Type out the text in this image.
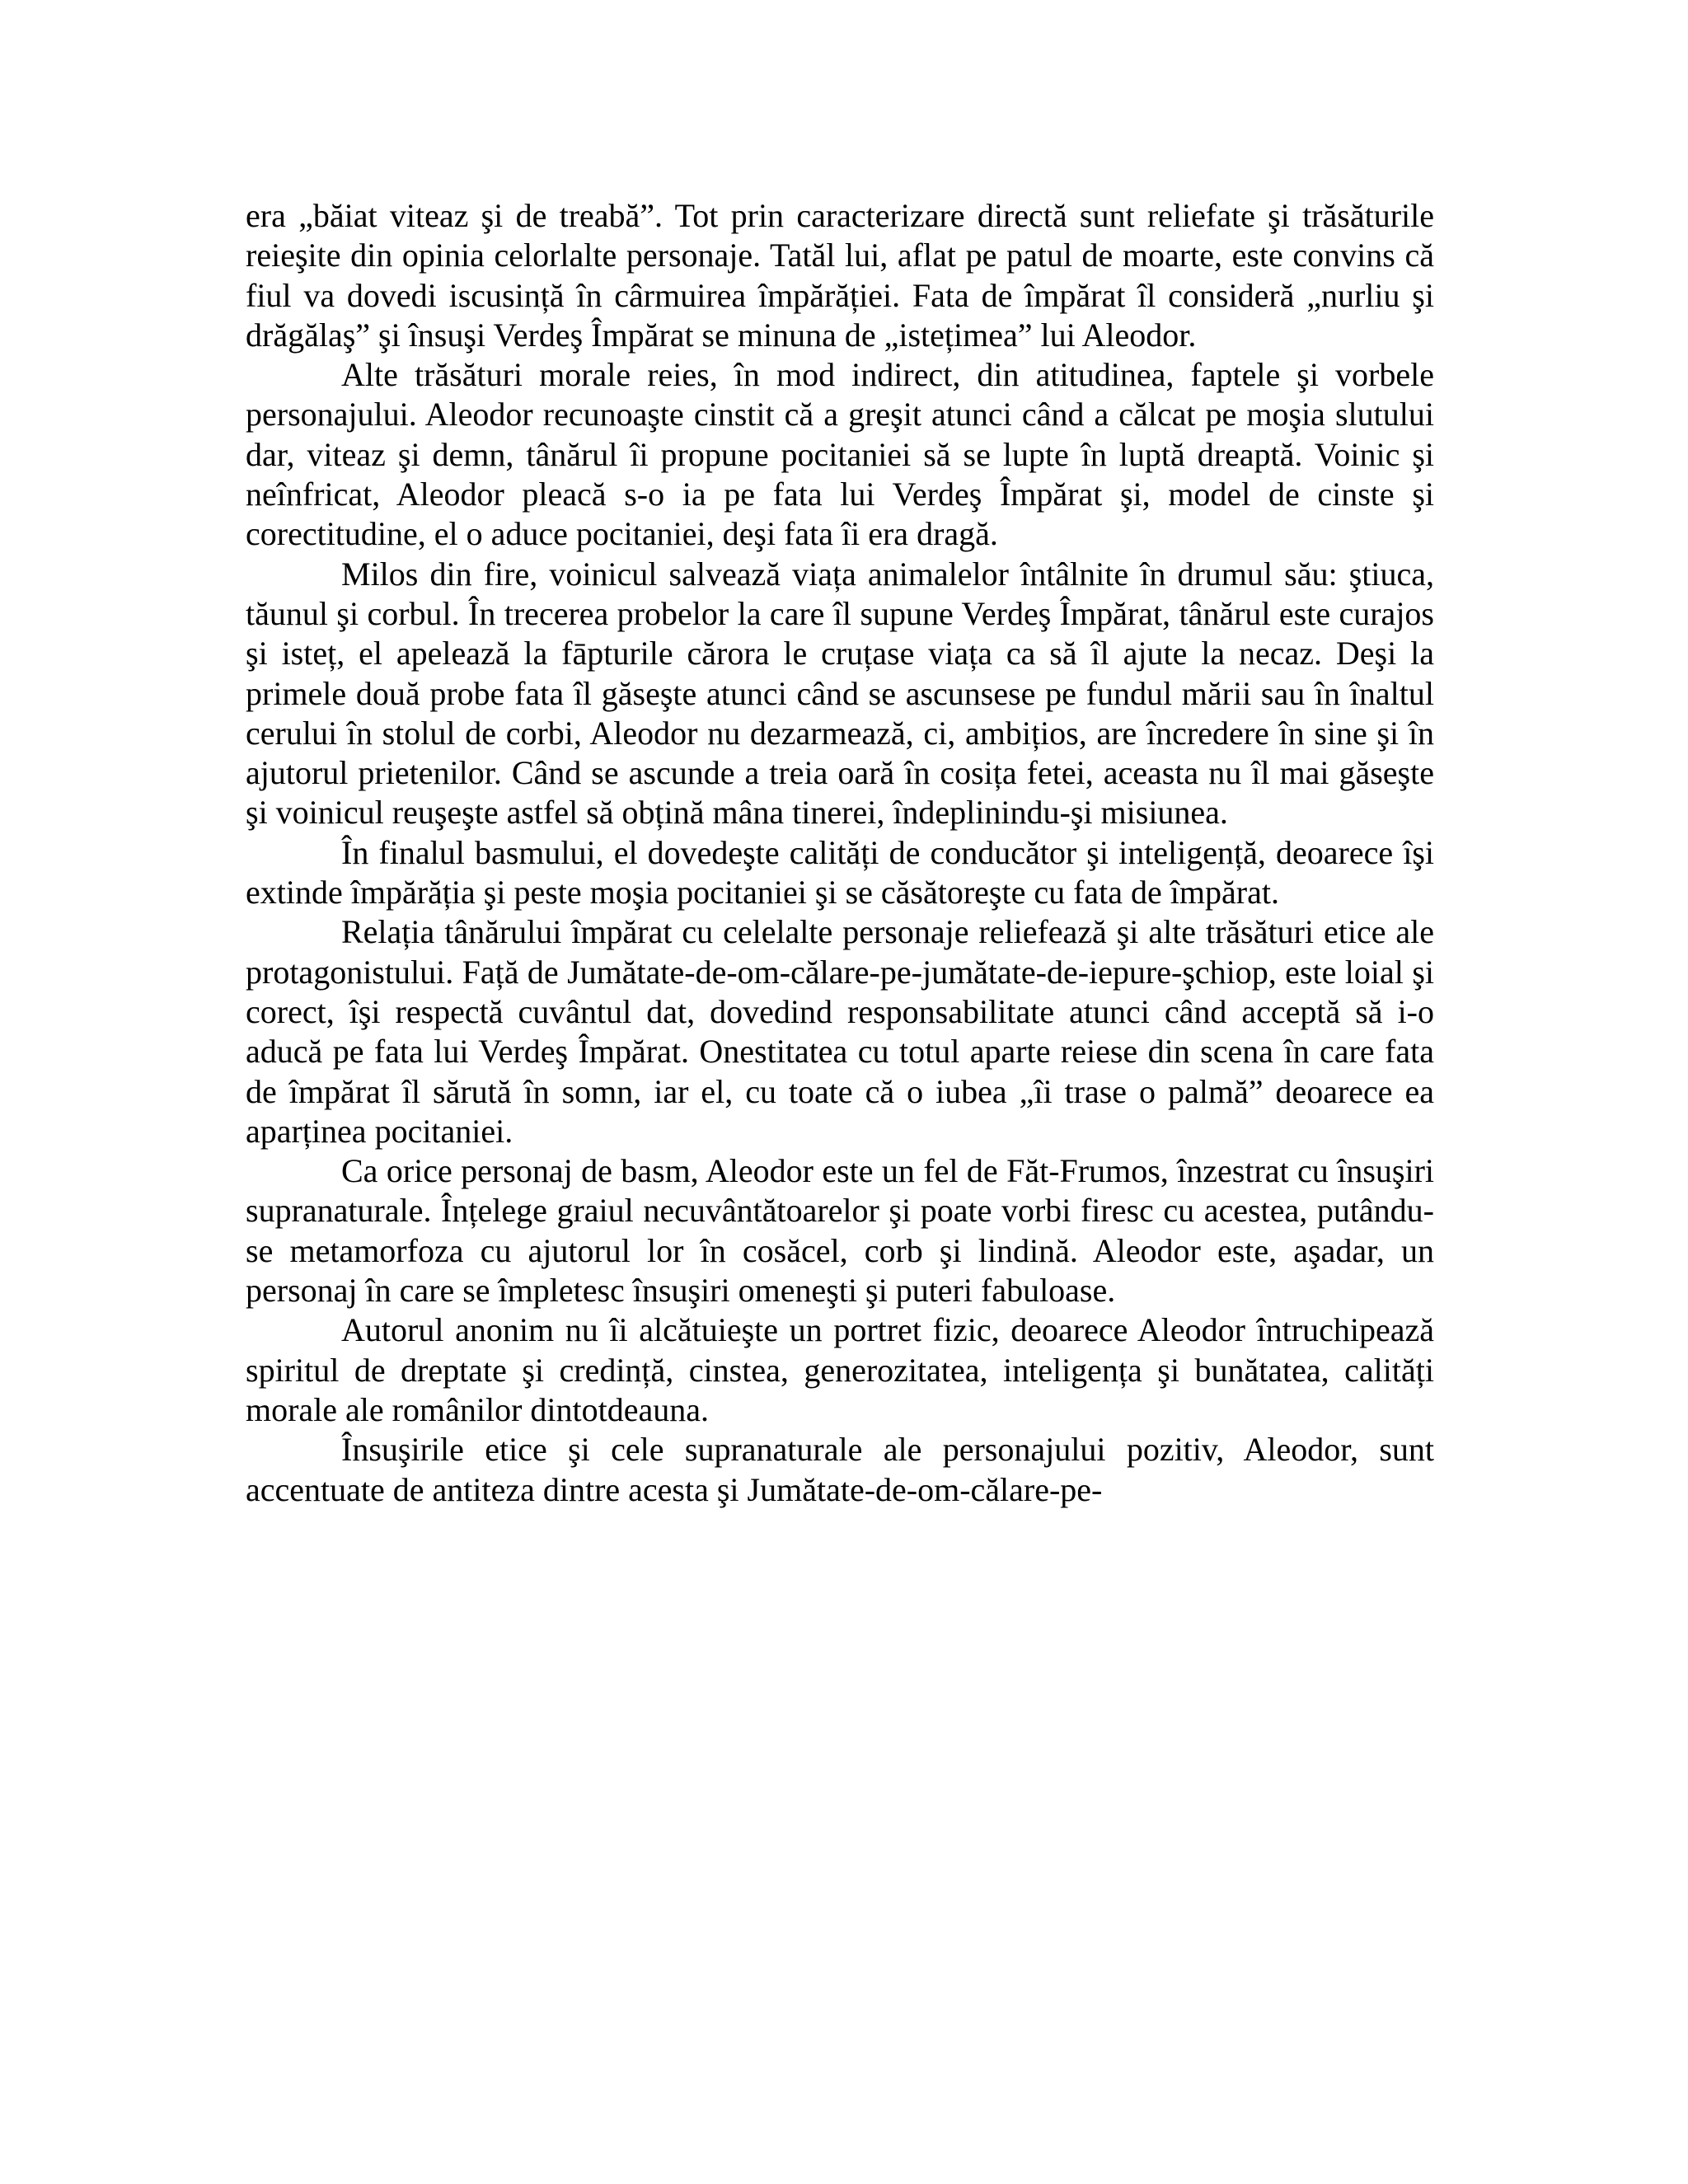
era „băiat viteaz şi de treabă”. Tot prin caracterizare directă sunt reliefate şi trăsăturile reieşite din opinia celorlalte personaje. Tatăl lui, aflat pe patul de moarte, este convins că fiul va dovedi iscusință în cârmuirea împărăției. Fata de împărat îl consideră „nurliu şi drăgălaş” şi însuşi Verdeş Împărat se minuna de „istețimea” lui Aleodor.

Alte trăsături morale reies, în mod indirect, din atitudinea, faptele şi vorbele personajului. Aleodor recunoaşte cinstit că a greşit atunci când a călcat pe moşia slutului dar, viteaz şi demn, tânărul îi propune pocitaniei să se lupte în luptă dreaptă. Voinic şi neînfricat, Aleodor pleacă s-o ia pe fata lui Verdeş Împărat şi, model de cinste şi corectitudine, el o aduce pocitaniei, deşi fata îi era dragă.

Milos din fire, voinicul salvează viața animalelor întâlnite în drumul său: ştiuca, tăunul şi corbul. În trecerea probelor la care îl supune Verdeş Împărat, tânărul este curajos şi isteț, el apelează la fāpturile cărora le cruțase viața ca să îl ajute la necaz. Deşi la primele două probe fata îl găseşte atunci când se ascunsese pe fundul mării sau în înaltul cerului în stolul de corbi, Aleodor nu dezarmează, ci, ambițios, are încredere în sine şi în ajutorul prietenilor. Când se ascunde a treia oară în cosița fetei, aceasta nu îl mai găseşte şi voinicul reuşeşte astfel să obțină mâna tinerei, îndeplinindu-şi misiunea.

În finalul basmului, el dovedeşte calități de conducător şi inteligență, deoarece îşi extinde împărăția şi peste moşia pocitaniei şi se căsătoreşte cu fata de împărat.

Relația tânărului împărat cu celelalte personaje reliefează şi alte trăsături etice ale protagonistului. Față de Jumătate-de-om-călare-pe-jumătate-de-iepure-şchiop, este loial şi corect, îşi respectă cuvântul dat, dovedind responsabilitate atunci când acceptă să i-o aducă pe fata lui Verdeş Împărat. Onestitatea cu totul aparte reiese din scena în care fata de împărat îl sărută în somn, iar el, cu toate că o iubea „îi trase o palmă” deoarece ea aparținea pocitaniei.

Ca orice personaj de basm, Aleodor este un fel de Făt-Frumos, înzestrat cu însuşiri supranaturale. Înțelege graiul necuvântătoarelor şi poate vorbi firesc cu acestea, putându-se metamorfoza cu ajutorul lor în cosăcel, corb şi lindină. Aleodor este, aşadar, un personaj în care se împletesc însuşiri omeneşti şi puteri fabuloase.

Autorul anonim nu îi alcătuieşte un portret fizic, deoarece Aleodor întruchipează spiritul de dreptate şi credință, cinstea, generozitatea, inteligența şi bunătatea, calități morale ale românilor dintotdeauna.

Însuşirile etice şi cele supranaturale ale personajului pozitiv, Aleodor, sunt accentuate de antiteza dintre acesta şi Jumătate-de-om-călare-pe-
